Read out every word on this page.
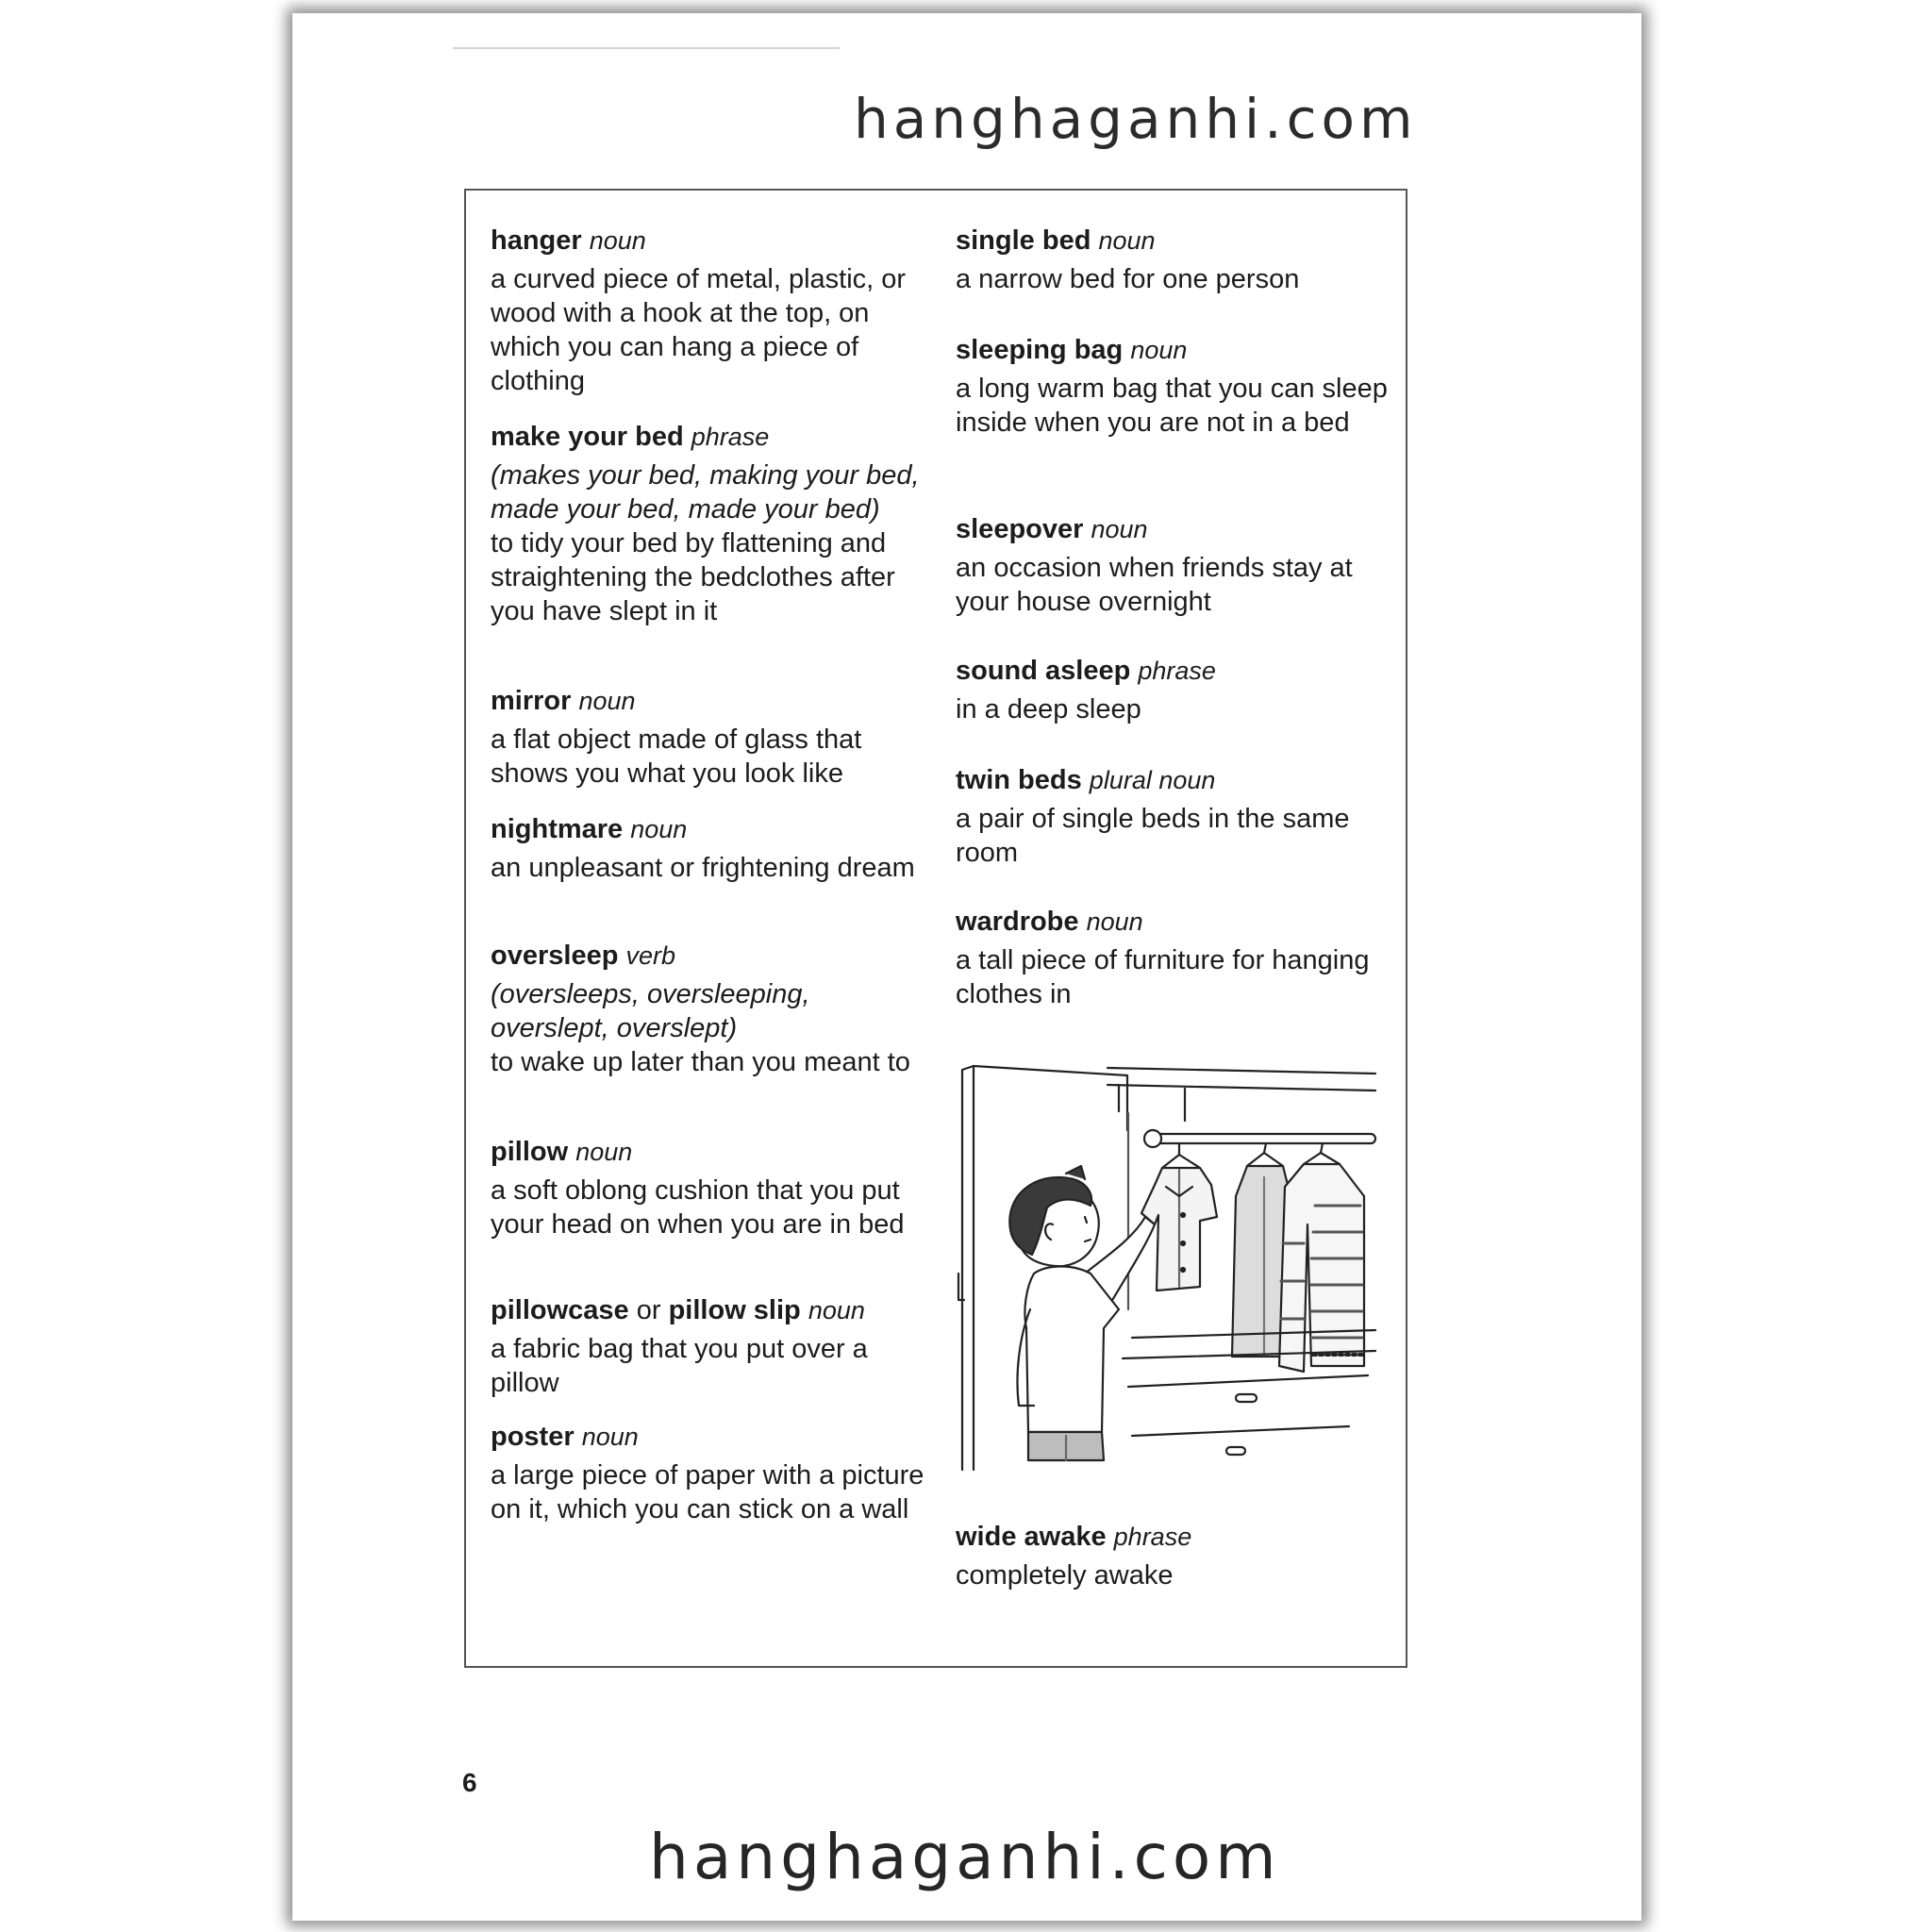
hanghaganhi.com
hanger noun
a curved piece of metal, plastic, or wood with a hook at the top, on which you can hang a piece of clothing
make your bed phrase
(makes your bed, making your bed, made your bed, made your bed)
to tidy your bed by flattening and straightening the bedclothes after you have slept in it
mirror noun
a flat object made of glass that shows you what you look like
nightmare noun
an unpleasant or frightening dream
oversleep verb
(oversleeps, oversleeping, overslept, overslept)
to wake up later than you meant to
pillow noun
a soft oblong cushion that you put your head on when you are in bed
pillowcase or pillow slip noun
a fabric bag that you put over a pillow
poster noun
a large piece of paper with a picture on it, which you can stick on a wall
single bed noun
a narrow bed for one person
sleeping bag noun
a long warm bag that you can sleep inside when you are not in a bed
sleepover noun
an occasion when friends stay at your house overnight
sound asleep phrase
in a deep sleep
twin beds plural noun
a pair of single beds in the same room
wardrobe noun
a tall piece of furniture for hanging clothes in
wide awake phrase
completely awake
6
hanghaganhi.com
